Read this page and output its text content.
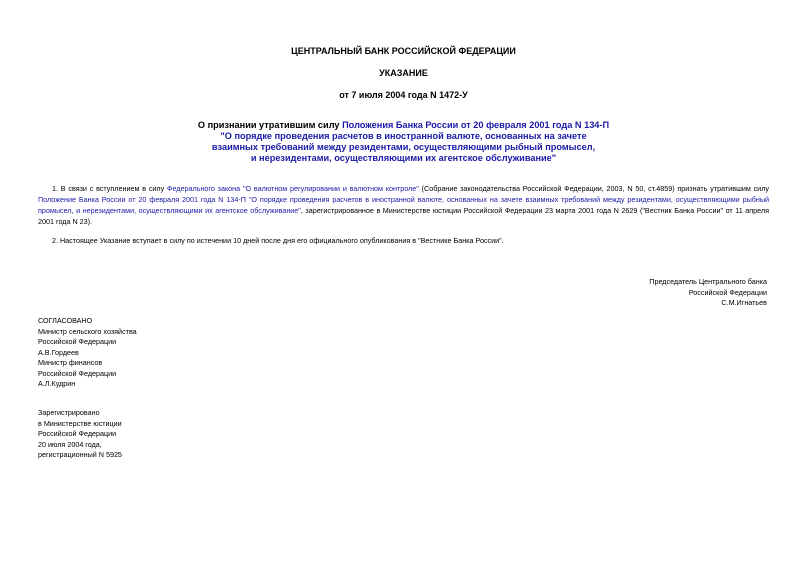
ЦЕНТРАЛЬНЫЙ БАНК РОССИЙСКОЙ ФЕДЕРАЦИИ
УКАЗАНИЕ
от 7 июля 2004 года N 1472-У
О признании утратившим силу Положения Банка России от 20 февраля 2001 года N 134-П
"О порядке проведения расчетов в иностранной валюте, основанных на зачете
взаимных требований между резидентами, осуществляющими рыбный промысел,
и нерезидентами, осуществляющими их агентское обслуживание"
1. В связи с вступлением в силу Федерального закона "О валютном регулировании и валютном контроле" (Собрание законодательства Российской Федерации, 2003, N 50, ст.4859) признать утратившим силу Положение Банка России от 20 февраля 2001 года N 134-П "О порядке проведения расчетов в иностранной валюте, основанных на зачете взаимных требований между резидентами, осуществляющими рыбный промысел, и нерезидентами, осуществляющими их агентское обслуживание", зарегистрированное в Министерстве юстиции Российской Федерации 23 марта 2001 года N 2629 ("Вестник Банка России" от 11 апреля 2001 года N 23).
2. Настоящее Указание вступает в силу по истечении 10 дней после дня его официального опубликования в "Вестнике Банка России".
Председатель Центрального банка
Российской Федерации
С.М.Игнатьев
СОГЛАСОВАНО
Министр сельского хозяйства
Российской Федерации
А.В.Гордеев
Министр финансов
Российской Федерации
А.Л.Кудрин
Зарегистрировано
в Министерстве юстиции
Российской Федерации
20 июля 2004 года,
регистрационный N 5925
